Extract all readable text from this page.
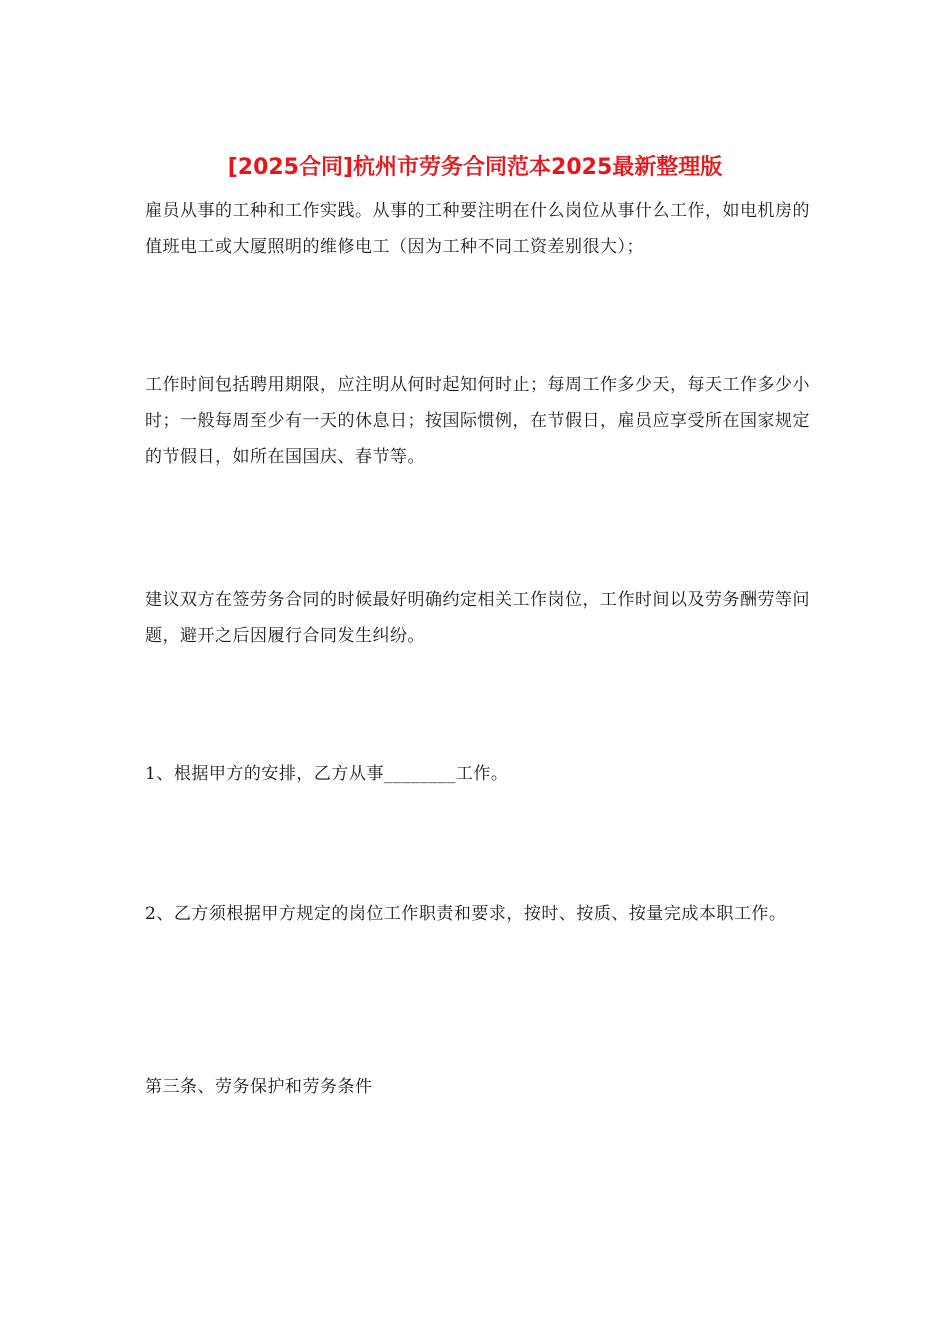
[2025合同]杭州市劳务合同范本2025最新整理版

雇员从事的工种和工作实践。从事的工种要注明在什么岗位从事什么工作，如电机房的值班电工或大厦照明的维修电工（因为工种不同工资差别很大）；

工作时间包括聘用期限，应注明从何时起知何时止；每周工作多少天，每天工作多少小时；一般每周至少有一天的休息日；按国际惯例，在节假日，雇员应享受所在国家规定的节假日，如所在国国庆、春节等。

建议双方在签劳务合同的时候最好明确约定相关工作岗位，工作时间以及劳务酬劳等问题，避开之后因履行合同发生纠纷。

1、根据甲方的安排，乙方从事________工作。

2、乙方须根据甲方规定的岗位工作职责和要求，按时、按质、按量完成本职工作。

第三条、劳务保护和劳务条件
